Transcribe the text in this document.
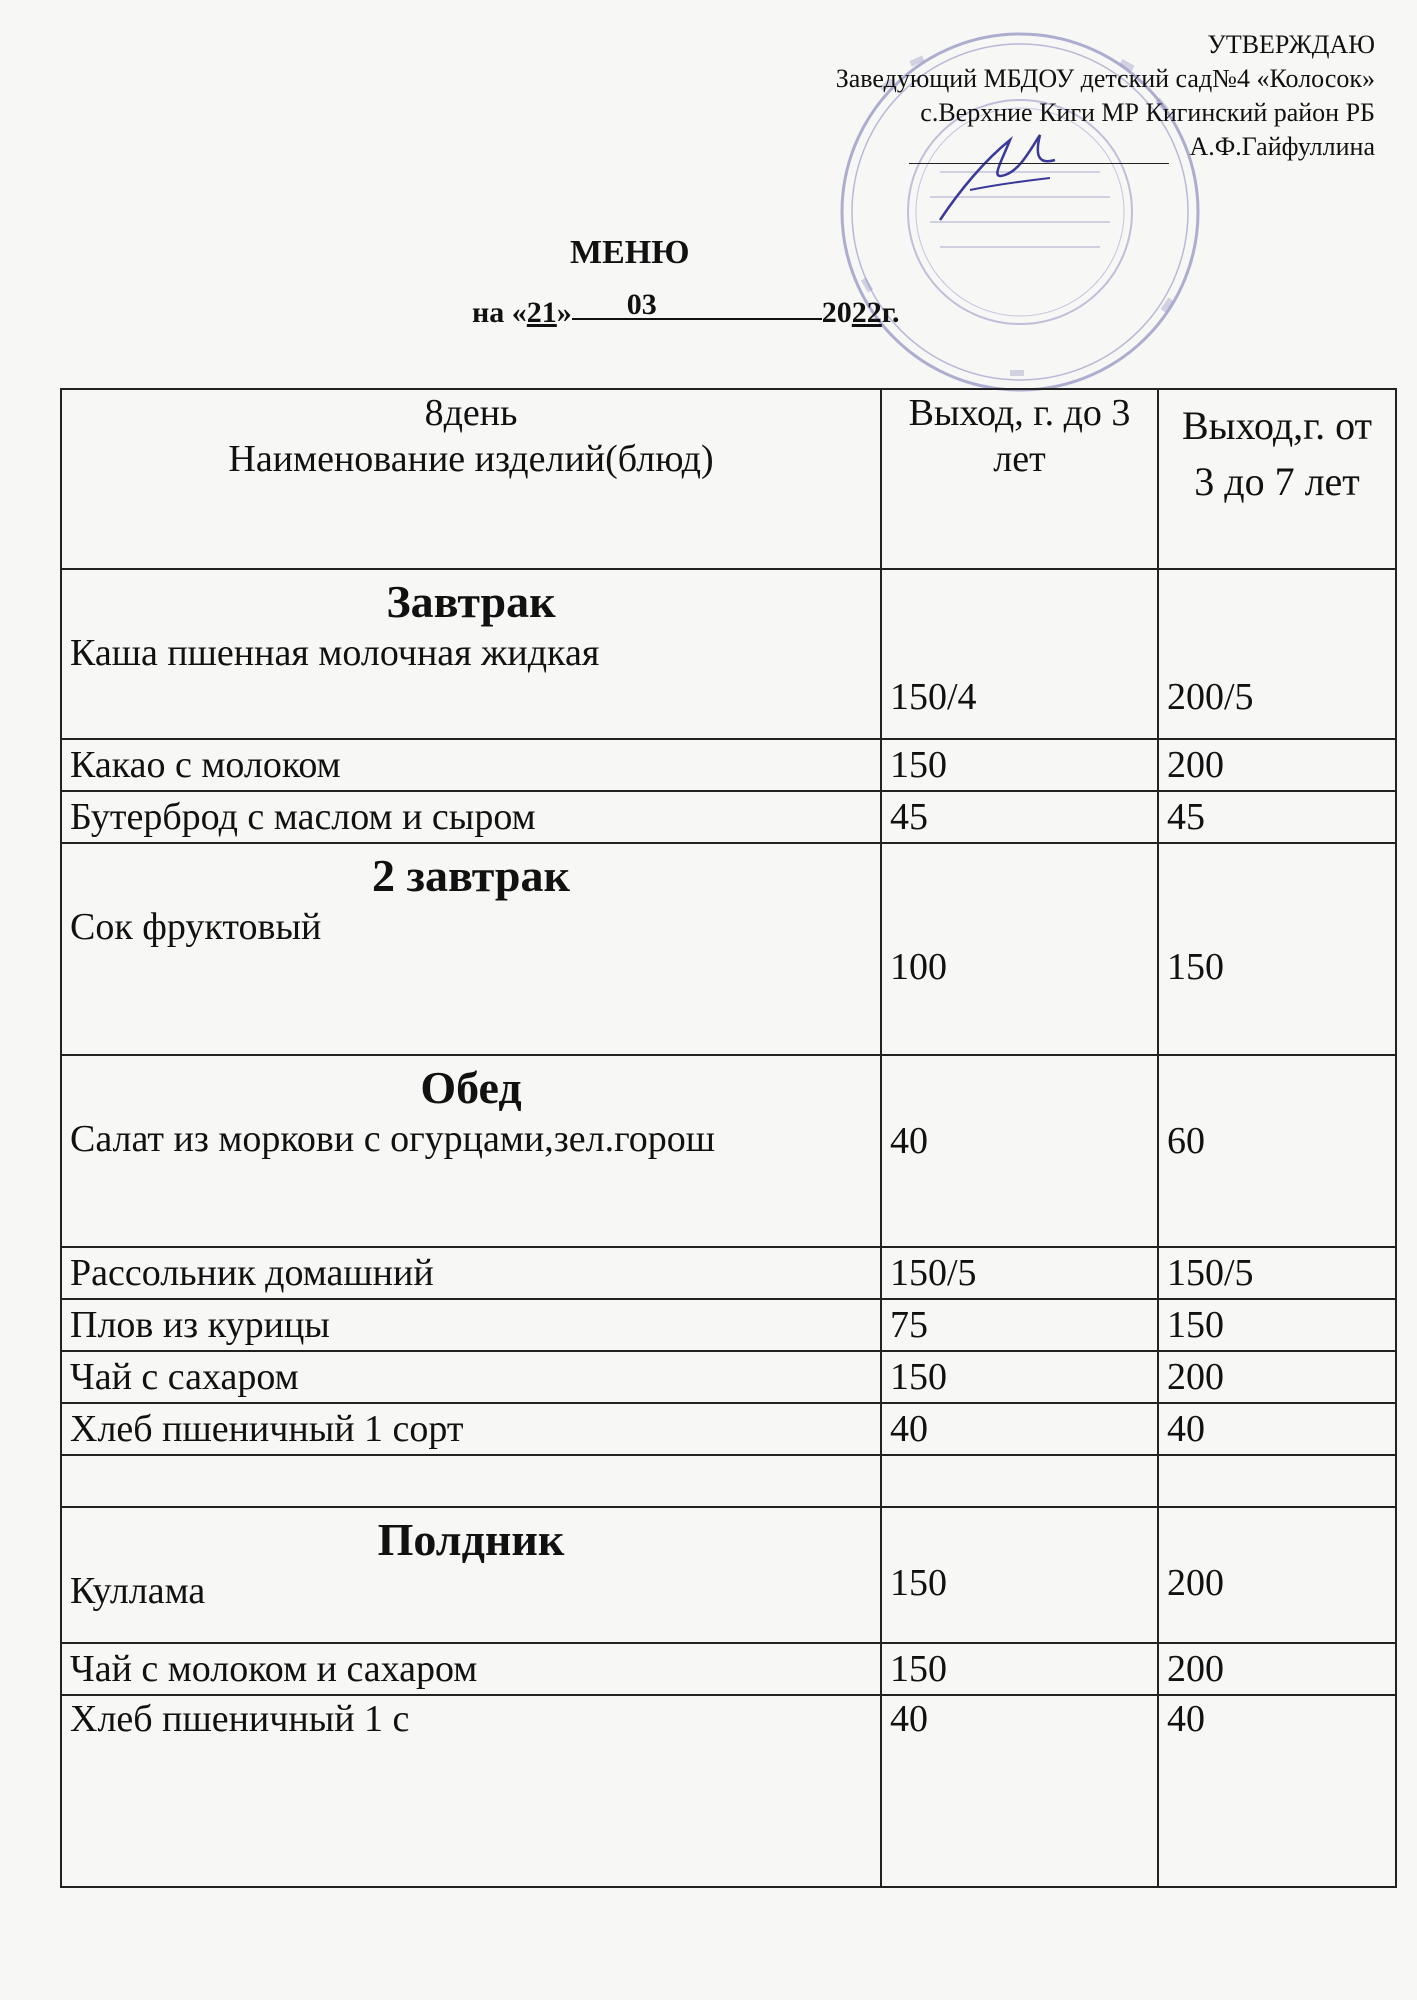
УТВЕРЖДАЮ
Заведующий МБДОУ детский сад№4 «Колосок»
с.Верхние Киги МР Кигинский район РБ
А.Ф.Гайфуллина
МЕНЮ
на «21» 03	2022г.
8день
Наименование изделий(блюд)	Выход, г. до 3 лет	Выход,г. от 3 до 7 лет

Завтрак
Каша пшенная молочная жидкая	150/4	200/5

Какао с молоком	150	200

Бутерброд с маслом и сыром	45	45

2 завтрак
Сок фруктовый	100	150

Обед
Салат из моркови с огурцами,зел.горош	40	60

Рассольник домашний	150/5	150/5

Плов из курицы	75	150

Чай с сахаром	150	200

Хлеб пшеничный 1 сорт	40	40

Полдник
Куллама	150	200

Чай с молоком и сахаром	150	200

Хлеб пшеничный 1 с	40	40
